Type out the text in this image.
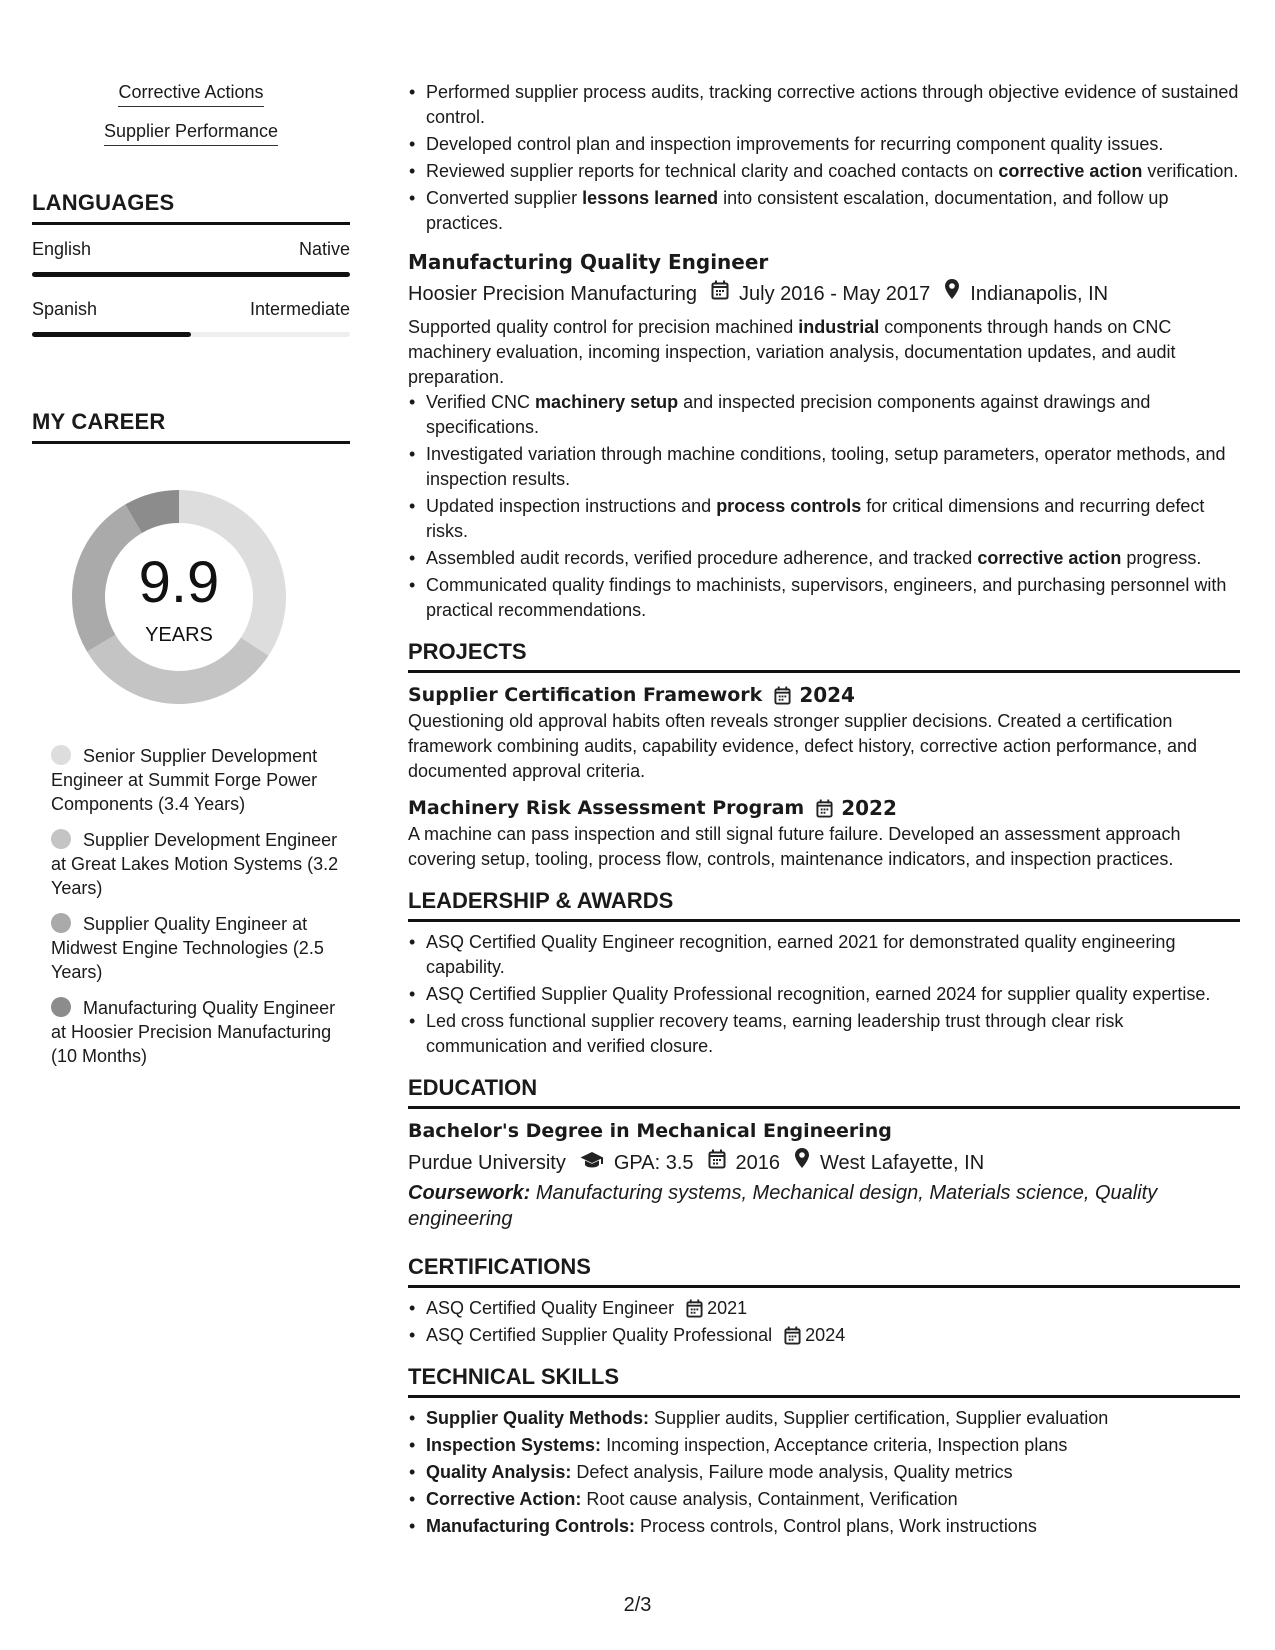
Corrective Actions
Supplier Performance
LANGUAGES
English	Native
Spanish	Intermediate
MY CAREER
9.9
YEARS
Senior Supplier Development Engineer at Summit Forge Power Components (3.4 Years)
Supplier Development Engineer at Great Lakes Motion Systems (3.2 Years)
Supplier Quality Engineer at Midwest Engine Technologies (2.5 Years)
Manufacturing Quality Engineer at Hoosier Precision Manufacturing (10 Months)
• Performed supplier process audits, tracking corrective actions through objective evidence of sustained control.
• Developed control plan and inspection improvements for recurring component quality issues.
• Reviewed supplier reports for technical clarity and coached contacts on corrective action verification.
• Converted supplier lessons learned into consistent escalation, documentation, and follow up practices.
Manufacturing Quality Engineer
Hoosier Precision Manufacturing July 2016 - May 2017 Indianapolis, IN
Supported quality control for precision machined industrial components through hands on CNC machinery evaluation, incoming inspection, variation analysis, documentation updates, and audit preparation.
• Verified CNC machinery setup and inspected precision components against drawings and specifications.
• Investigated variation through machine conditions, tooling, setup parameters, operator methods, and inspection results.
• Updated inspection instructions and process controls for critical dimensions and recurring defect risks.
• Assembled audit records, verified procedure adherence, and tracked corrective action progress.
• Communicated quality findings to machinists, supervisors, engineers, and purchasing personnel with practical recommendations.
PROJECTS
Supplier Certification Framework 2024
Questioning old approval habits often reveals stronger supplier decisions. Created a certification framework combining audits, capability evidence, defect history, corrective action performance, and documented approval criteria.
Machinery Risk Assessment Program 2022
A machine can pass inspection and still signal future failure. Developed an assessment approach covering setup, tooling, process flow, controls, maintenance indicators, and inspection practices.
LEADERSHIP & AWARDS
• ASQ Certified Quality Engineer recognition, earned 2021 for demonstrated quality engineering capability.
• ASQ Certified Supplier Quality Professional recognition, earned 2024 for supplier quality expertise.
• Led cross functional supplier recovery teams, earning leadership trust through clear risk communication and verified closure.
EDUCATION
Bachelor's Degree in Mechanical Engineering
Purdue University GPA: 3.5 2016 West Lafayette, IN
Coursework: Manufacturing systems, Mechanical design, Materials science, Quality engineering
CERTIFICATIONS
• ASQ Certified Quality Engineer 2021
• ASQ Certified Supplier Quality Professional 2024
TECHNICAL SKILLS
• Supplier Quality Methods: Supplier audits, Supplier certification, Supplier evaluation
• Inspection Systems: Incoming inspection, Acceptance criteria, Inspection plans
• Quality Analysis: Defect analysis, Failure mode analysis, Quality metrics
• Corrective Action: Root cause analysis, Containment, Verification
• Manufacturing Controls: Process controls, Control plans, Work instructions
2/3
